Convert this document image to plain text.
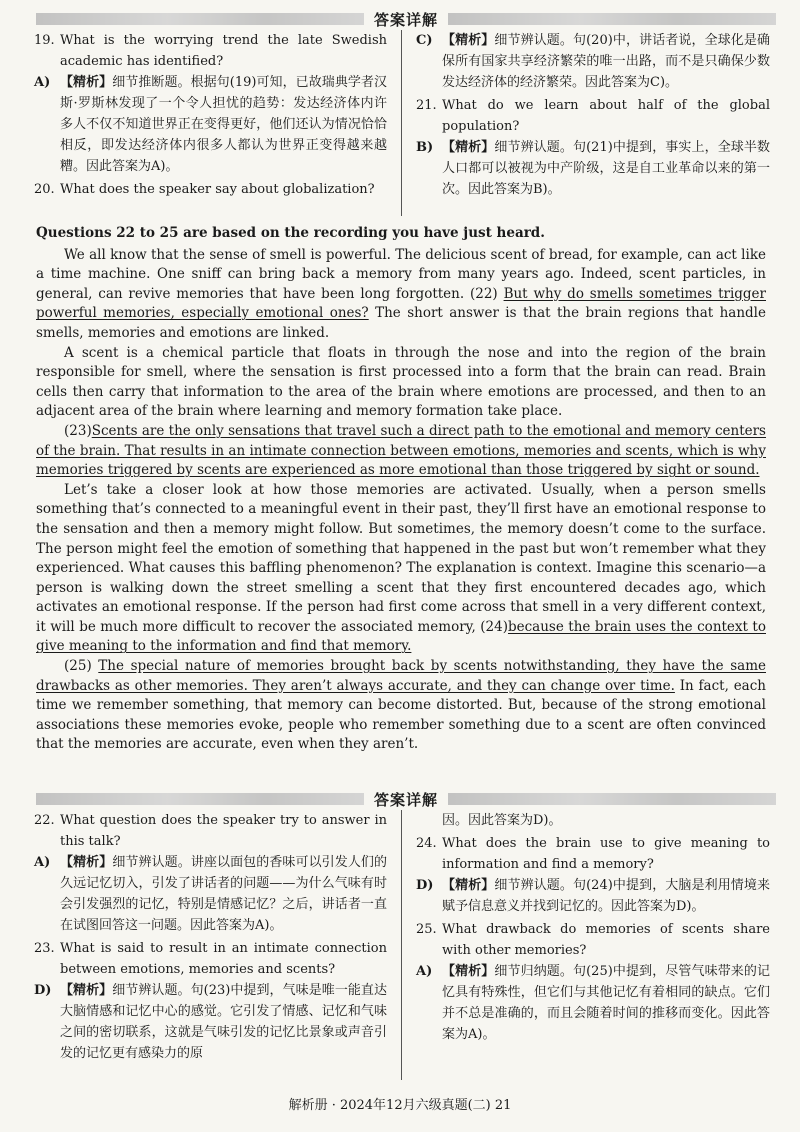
答案详解
19. What is the worrying trend the late Swedish academic has identified?
A) 【精析】细节推断题。根据句(19)可知，已故瑞典学者汉斯·罗斯林发现了一个令人担忧的趋势：发达经济体内许多人不仅不知道世界正在变得更好，他们还认为情况恰恰相反，即发达经济体内很多人都认为世界正变得越来越糟。因此答案为A)。
20. What does the speaker say about globalization?
C) 【精析】细节辨认题。句(20)中，讲话者说，全球化是确保所有国家共享经济繁荣的唯一出路，而不是只确保少数发达经济体的经济繁荣。因此答案为C)。
21. What do we learn about half of the global population?
B) 【精析】细节辨认题。句(21)中提到，事实上，全球半数人口都可以被视为中产阶级，这是自工业革命以来的第一次。因此答案为B)。
Questions 22 to 25 are based on the recording you have just heard.

We all know that the sense of smell is powerful. The delicious scent of bread, for example, can act like a time machine. One sniff can bring back a memory from many years ago. Indeed, scent particles, in general, can revive memories that have been long forgotten. (22) But why do smells sometimes trigger powerful memories, especially emotional ones? The short answer is that the brain regions that handle smells, memories and emotions are linked.

A scent is a chemical particle that floats in through the nose and into the region of the brain responsible for smell, where the sensation is first processed into a form that the brain can read. Brain cells then carry that information to the area of the brain where emotions are processed, and then to an adjacent area of the brain where learning and memory formation take place.

(23)Scents are the only sensations that travel such a direct path to the emotional and memory centers of the brain. That results in an intimate connection between emotions, memories and scents, which is why memories triggered by scents are experienced as more emotional than those triggered by sight or sound.

Let’s take a closer look at how those memories are activated. Usually, when a person smells something that’s connected to a meaningful event in their past, they’ll first have an emotional response to the sensation and then a memory might follow. But sometimes, the memory doesn’t come to the surface. The person might feel the emotion of something that happened in the past but won’t remember what they experienced. What causes this baffling phenomenon? The explanation is context. Imagine this scenario—a person is walking down the street smelling a scent that they first encountered decades ago, which activates an emotional response. If the person had first come across that smell in a very different context, it will be much more difficult to recover the associated memory, (24)because the brain uses the context to give meaning to the information and find that memory.

(25) The special nature of memories brought back by scents notwithstanding, they have the same drawbacks as other memories. They aren’t always accurate, and they can change over time. In fact, each time we remember something, that memory can become distorted. But, because of the strong emotional associations these memories evoke, people who remember something due to a scent are often convinced that the memories are accurate, even when they aren’t.

答案详解
22. What question does the speaker try to answer in this talk?
A) 【精析】细节辨认题。讲座以面包的香味可以引发人们的久远记忆切入，引发了讲话者的问题——为什么气味有时会引发强烈的记忆，特别是情感记忆？之后，讲话者一直在试图回答这一问题。因此答案为A)。
23. What is said to result in an intimate connection between emotions, memories and scents?
D) 【精析】细节辨认题。句(23)中提到，气味是唯一能直达大脑情感和记忆中心的感觉。它引发了情感、记忆和气味之间的密切联系，这就是气味引发的记忆比景象或声音引发的记忆更有感染力的原
因。因此答案为D)。
24. What does the brain use to give meaning to information and find a memory?
D) 【精析】细节辨认题。句(24)中提到，大脑是利用情境来赋予信息意义并找到记忆的。因此答案为D)。
25. What drawback do memories of scents share with other memories?
A) 【精析】细节归纳题。句(25)中提到，尽管气味带来的记忆具有特殊性，但它们与其他记忆有着相同的缺点。它们并不总是准确的，而且会随着时间的推移而变化。因此答案为A)。
解析册 · 2024年12月六级真题(二) 21
